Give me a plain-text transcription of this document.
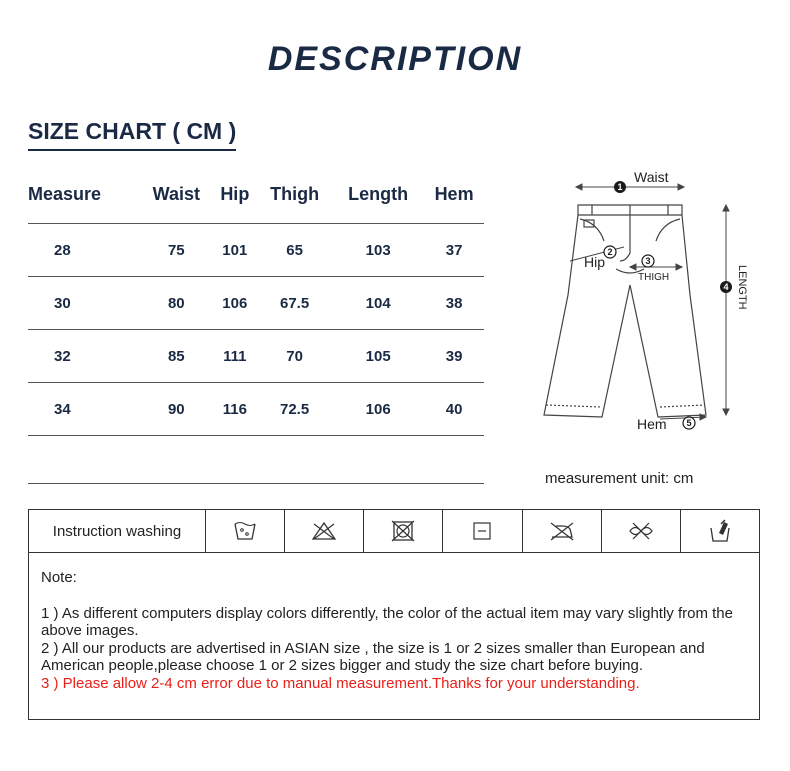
DESCRIPTION
SIZE CHART ( CM )
Measure	Waist	Hip	Thigh	Length	Hem
28	75	101	65	103	37
30	80	106	67.5	104	38
32	85	111	70	105	39
34	90	116	72.5	106	40
1
2
3
4
5
Waist
Hip
THIGH	LENGTH
Hem
measurement unit: cm
Instruction washing
Note:
1 ) As different computers display colors differently, the color of the actual item may vary slightly from the above images.
2 ) All our products are advertised in ASIAN size , the size is 1 or 2 sizes smaller than European and American people,please choose 1 or 2 sizes bigger and study the size chart before buying.
3 ) Please allow 2-4 cm error due to manual measurement.Thanks for your understanding.
